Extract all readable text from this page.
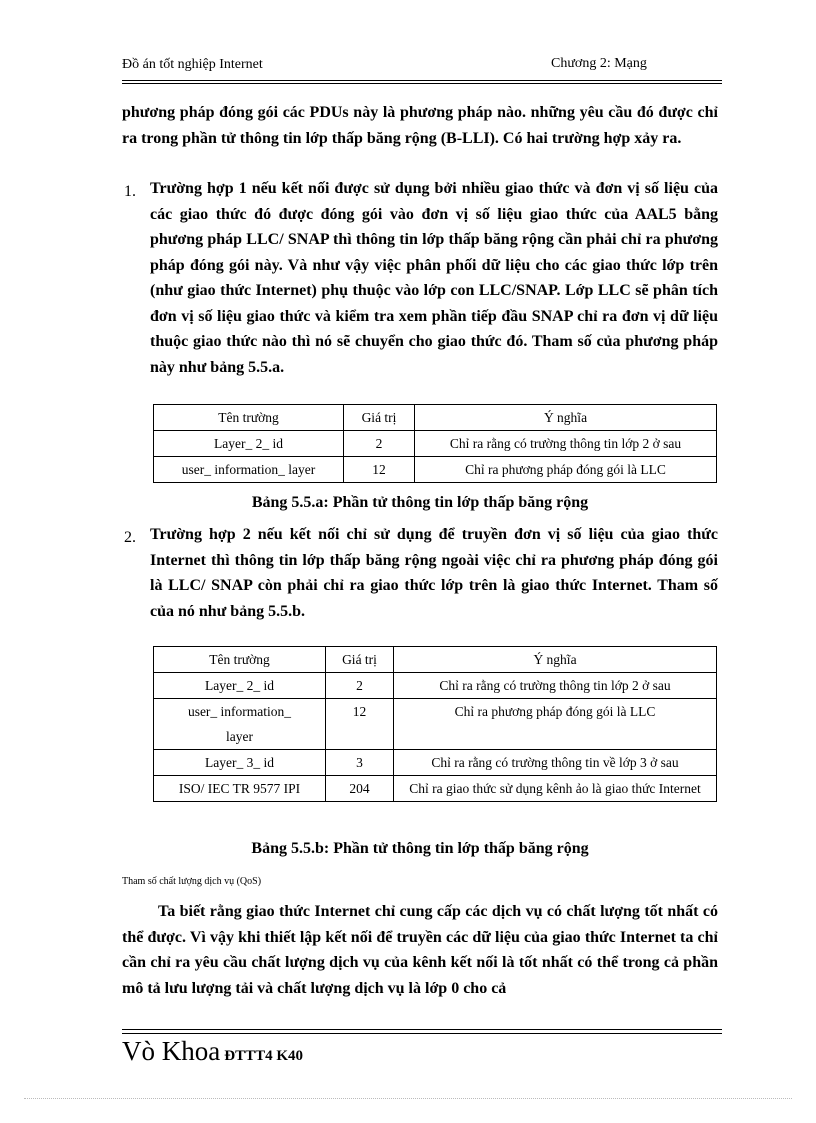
Đồ án tốt nghiệp Internet	Chương 2: Mạng
phương pháp đóng gói các PDUs này là phương pháp nào. những yêu cầu đó được chỉ ra trong phần tử thông tin lớp thấp băng rộng (B-LLI). Có hai trường hợp xảy ra.
1. Trường hợp 1 nếu kết nối được sử dụng bởi nhiều giao thức và đơn vị số liệu của các giao thức đó được đóng gói vào đơn vị số liệu giao thức của AAL5 bằng phương pháp LLC/ SNAP thì thông tin lớp thấp băng rộng cần phải chỉ ra phương pháp đóng gói này. Và như vậy việc phân phối dữ liệu cho các giao thức lớp trên (như giao thức Internet) phụ thuộc vào lớp con LLC/SNAP. Lớp LLC sẽ phân tích đơn vị số liệu giao thức và kiểm tra xem phần tiếp đầu SNAP chỉ ra đơn vị dữ liệu thuộc giao thức nào thì nó sẽ chuyển cho giao thức đó. Tham số của phương pháp này như bảng 5.5.a.
Tên trường	Giá trị	Ý nghĩa
Layer_ 2_ id	2	Chỉ ra rằng có trường thông tin lớp 2 ở sau
user_ information_ layer	12	Chỉ ra phương pháp đóng gói là LLC
Bảng 5.5.a: Phần tử thông tin lớp thấp băng rộng
2. Trường hợp 2 nếu kết nối chỉ sử dụng để truyền đơn vị số liệu của giao thức Internet thì thông tin lớp thấp băng rộng ngoài việc chỉ ra phương pháp đóng gói là LLC/ SNAP còn phải chỉ ra giao thức lớp trên là giao thức Internet. Tham số của nó như bảng 5.5.b.
Tên trường	Giá trị	Ý nghĩa
Layer_ 2_ id	2	Chỉ ra rằng có trường thông tin lớp 2 ở sau
user_ information_ layer	12	Chỉ ra phương pháp đóng gói là LLC
Layer_ 3_ id	3	Chỉ ra rằng có trường thông tin về lớp 3 ở sau
ISO/ IEC TR 9577 IPI	204	Chỉ ra giao thức sử dụng kênh ảo là giao thức Internet
Bảng 5.5.b: Phần tử thông tin lớp thấp băng rộng
Tham số chất lượng dịch vụ (QoS)
Ta biết rằng giao thức Internet chỉ cung cấp các dịch vụ có chất lượng tốt nhất có thể được. Vì vậy khi thiết lập kết nối để truyền các dữ liệu của giao thức Internet ta chỉ cần chỉ ra yêu cầu chất lượng dịch vụ của kênh kết nối là tốt nhất có thể trong cả phần mô tả lưu lượng tải và chất lượng dịch vụ là lớp 0 cho cả
Vò Khoa ĐTTT4 K40
